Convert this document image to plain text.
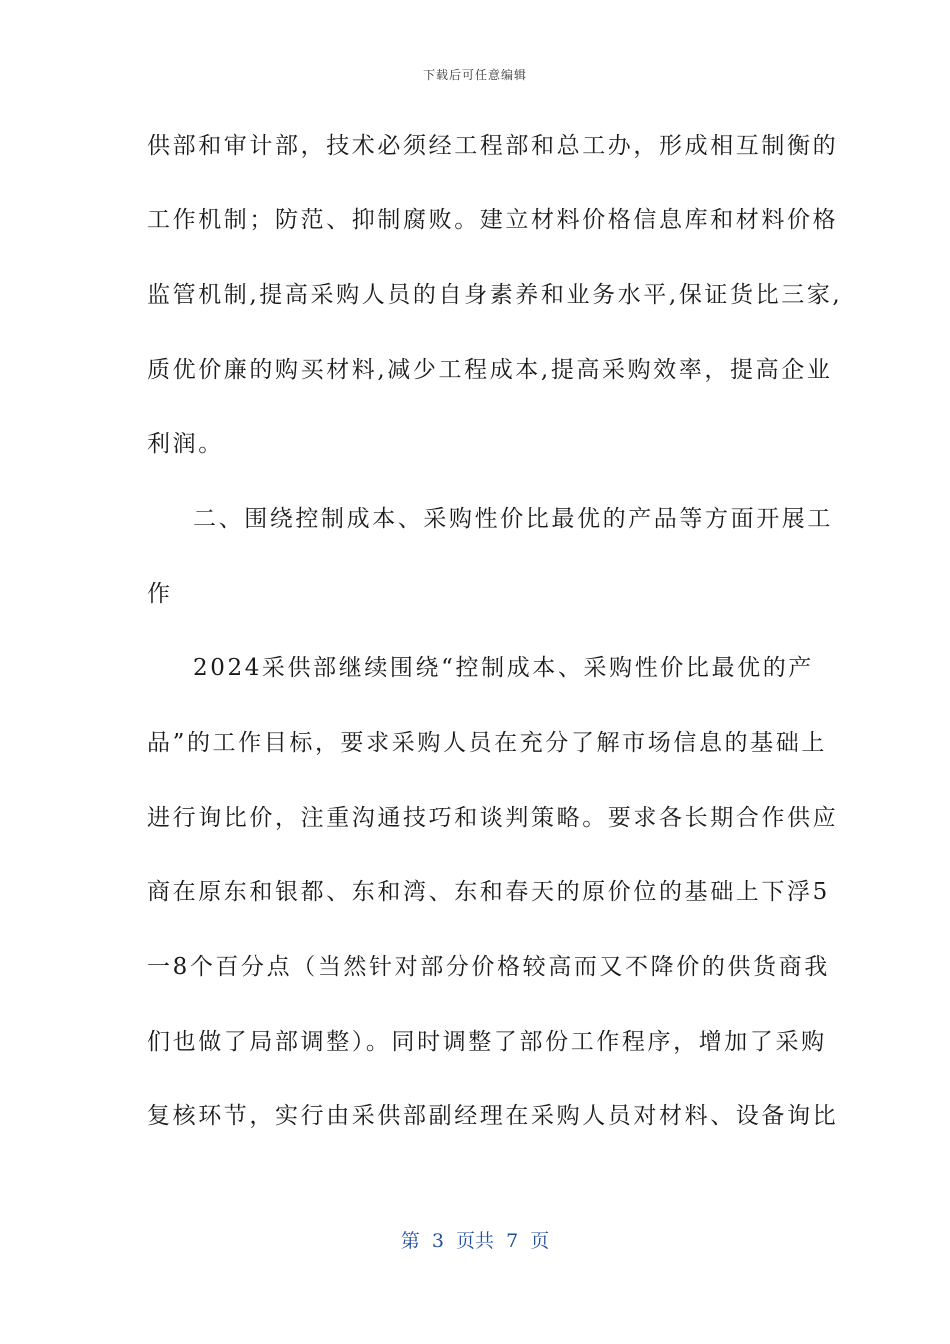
下载后可任意编辑
供部和审计部，技术必须经工程部和总工办，形成相互制衡的
工作机制；防范、抑制腐败。建立材料价格信息库和材料价格
监管机制,提高采购人员的自身素养和业务水平,保证货比三家,
质优价廉的购买材料,减少工程成本,提高采购效率，提高企业
利润。
二、围绕控制成本、采购性价比最优的产品等方面开展工
作
2024采供部继续围绕“控制成本、采购性价比最优的产
品”的工作目标，要求采购人员在充分了解市场信息的基础上
进行询比价，注重沟通技巧和谈判策略。要求各长期合作供应
商在原东和银都、东和湾、东和春天的原价位的基础上下浮5
一8个百分点（当然针对部分价格较高而又不降价的供货商我
们也做了局部调整）。同时调整了部份工作程序，增加了采购
复核环节，实行由采供部副经理在采购人员对材料、设备询比
第  3  页共  7  页
